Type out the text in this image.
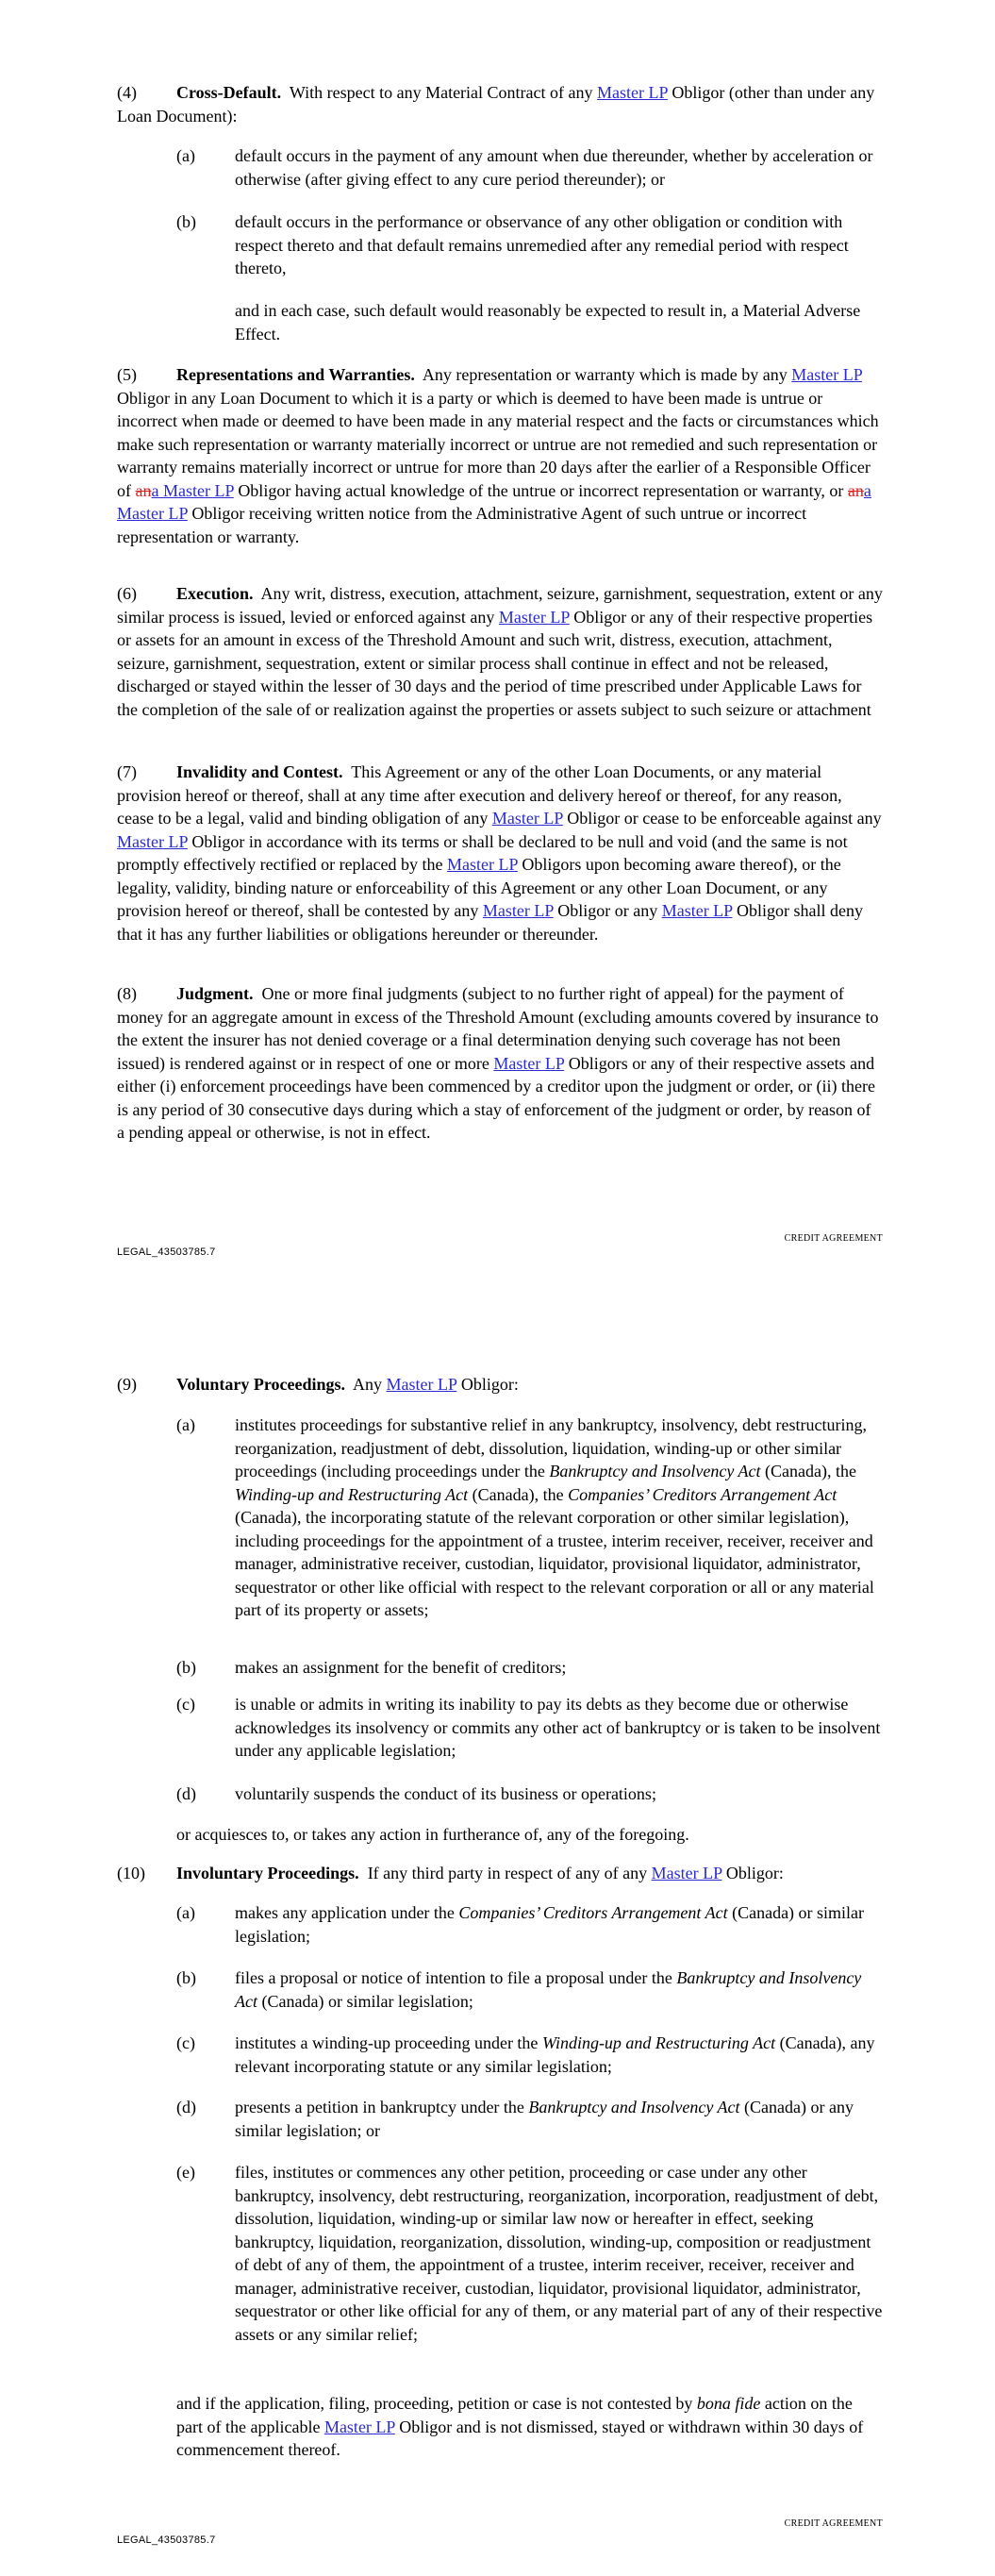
(4) Cross-Default. With respect to any Material Contract of any Master LP Obligor (other than under any Loan Document):
(a) default occurs in the payment of any amount when due thereunder, whether by acceleration or otherwise (after giving effect to any cure period thereunder); or
(b) default occurs in the performance or observance of any other obligation or condition with respect thereto and that default remains unremedied after any remedial period with respect thereto,
and in each case, such default would reasonably be expected to result in, a Material Adverse Effect.
(5) Representations and Warranties. Any representation or warranty which is made by any Master LP Obligor in any Loan Document to which it is a party or which is deemed to have been made is untrue or incorrect when made or deemed to have been made in any material respect and the facts or circumstances which make such representation or warranty materially incorrect or untrue are not remedied and such representation or warranty remains materially incorrect or untrue for more than 20 days after the earlier of a Responsible Officer of ana Master LP Obligor having actual knowledge of the untrue or incorrect representation or warranty, or ana Master LP Obligor receiving written notice from the Administrative Agent of such untrue or incorrect representation or warranty.
(6) Execution. Any writ, distress, execution, attachment, seizure, garnishment, sequestration, extent or any similar process is issued, levied or enforced against any Master LP Obligor or any of their respective properties or assets for an amount in excess of the Threshold Amount and such writ, distress, execution, attachment, seizure, garnishment, sequestration, extent or similar process shall continue in effect and not be released, discharged or stayed within the lesser of 30 days and the period of time prescribed under Applicable Laws for the completion of the sale of or realization against the properties or assets subject to such seizure or attachment
(7) Invalidity and Contest. This Agreement or any of the other Loan Documents, or any material provision hereof or thereof, shall at any time after execution and delivery hereof or thereof, for any reason, cease to be a legal, valid and binding obligation of any Master LP Obligor or cease to be enforceable against any Master LP Obligor in accordance with its terms or shall be declared to be null and void (and the same is not promptly effectively rectified or replaced by the Master LP Obligors upon becoming aware thereof), or the legality, validity, binding nature or enforceability of this Agreement or any other Loan Document, or any provision hereof or thereof, shall be contested by any Master LP Obligor or any Master LP Obligor shall deny that it has any further liabilities or obligations hereunder or thereunder.
(8) Judgment. One or more final judgments (subject to no further right of appeal) for the payment of money for an aggregate amount in excess of the Threshold Amount (excluding amounts covered by insurance to the extent the insurer has not denied coverage or a final determination denying such coverage has not been issued) is rendered against or in respect of one or more Master LP Obligors or any of their respective assets and either (i) enforcement proceedings have been commenced by a creditor upon the judgment or order, or (ii) there is any period of 30 consecutive days during which a stay of enforcement of the judgment or order, by reason of a pending appeal or otherwise, is not in effect.
CREDIT AGREEMENT
LEGAL_43503785.7
(9) Voluntary Proceedings. Any Master LP Obligor:
(a) institutes proceedings for substantive relief in any bankruptcy, insolvency, debt restructuring, reorganization, readjustment of debt, dissolution, liquidation, winding-up or other similar proceedings (including proceedings under the Bankruptcy and Insolvency Act (Canada), the Winding-up and Restructuring Act (Canada), the Companies’ Creditors Arrangement Act (Canada), the incorporating statute of the relevant corporation or other similar legislation), including proceedings for the appointment of a trustee, interim receiver, receiver, receiver and manager, administrative receiver, custodian, liquidator, provisional liquidator, administrator, sequestrator or other like official with respect to the relevant corporation or all or any material part of its property or assets;
(b) makes an assignment for the benefit of creditors;
(c) is unable or admits in writing its inability to pay its debts as they become due or otherwise acknowledges its insolvency or commits any other act of bankruptcy or is taken to be insolvent under any applicable legislation;
(d) voluntarily suspends the conduct of its business or operations;
or acquiesces to, or takes any action in furtherance of, any of the foregoing.
(10) Involuntary Proceedings. If any third party in respect of any of any Master LP Obligor:
(a) makes any application under the Companies’ Creditors Arrangement Act (Canada) or similar legislation;
(b) files a proposal or notice of intention to file a proposal under the Bankruptcy and Insolvency Act (Canada) or similar legislation;
(c) institutes a winding-up proceeding under the Winding-up and Restructuring Act (Canada), any relevant incorporating statute or any similar legislation;
(d) presents a petition in bankruptcy under the Bankruptcy and Insolvency Act (Canada) or any similar legislation; or
(e) files, institutes or commences any other petition, proceeding or case under any other bankruptcy, insolvency, debt restructuring, reorganization, incorporation, readjustment of debt, dissolution, liquidation, winding-up or similar law now or hereafter in effect, seeking bankruptcy, liquidation, reorganization, dissolution, winding-up, composition or readjustment of debt of any of them, the appointment of a trustee, interim receiver, receiver, receiver and manager, administrative receiver, custodian, liquidator, provisional liquidator, administrator, sequestrator or other like official for any of them, or any material part of any of their respective assets or any similar relief;
and if the application, filing, proceeding, petition or case is not contested by bona fide action on the part of the applicable Master LP Obligor and is not dismissed, stayed or withdrawn within 30 days of commencement thereof.
CREDIT AGREEMENT
LEGAL_43503785.7
